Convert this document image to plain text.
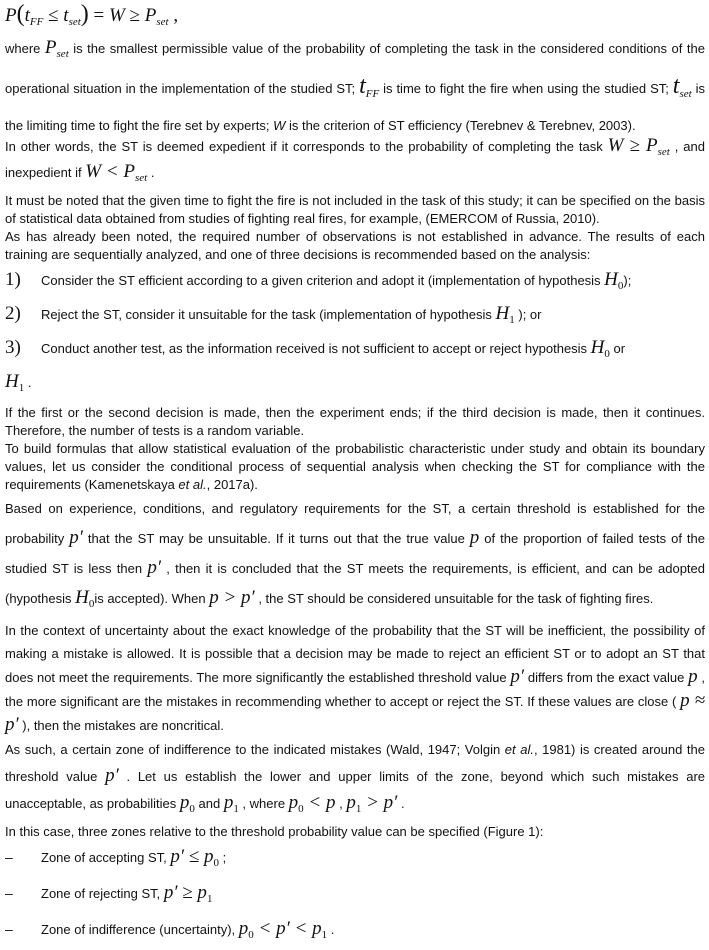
$P(t_{FF} \le t_{set}) = W \ge P_{set}$ ,

where $P_{set}$ is the smallest permissible value of the probability of completing the task in the considered conditions of the operational situation in the implementation of the studied ST; $t_{FF}$ is time to fight the fire when using the studied ST; $t_{set}$ is the limiting time to fight the fire set by experts; W is the criterion of ST efficiency (Terebnev & Terebnev, 2003).

In other words, the ST is deemed expedient if it corresponds to the probability of completing the task $W \ge P_{set}$ , and inexpedient if $W < P_{set}$ .

It must be noted that the given time to fight the fire is not included in the task of this study; it can be specified on the basis of statistical data obtained from studies of fighting real fires, for example, (EMERCOM of Russia, 2010).

As has already been noted, the required number of observations is not established in advance. The results of each training are sequentially analyzed, and one of three decisions is recommended based on the analysis:

1) Consider the ST efficient according to a given criterion and adopt it (implementation of hypothesis $H_0$);

2) Reject the ST, consider it unsuitable for the task (implementation of hypothesis $H_1$ ); or

3) Conduct another test, as the information received is not sufficient to accept or reject hypothesis $H_0$ or
$H_1$ .

If the first or the second decision is made, then the experiment ends; if the third decision is made, then it continues. Therefore, the number of tests is a random variable.

To build formulas that allow statistical evaluation of the probabilistic characteristic under study and obtain its boundary values, let us consider the conditional process of sequential analysis when checking the ST for compliance with the requirements (Kamenetskaya et al., 2017a).

Based on experience, conditions, and regulatory requirements for the ST, a certain threshold is established for the probability p′ that the ST may be unsuitable. If it turns out that the true value p of the proportion of failed tests of the studied ST is less then p′ , then it is concluded that the ST meets the requirements, is efficient, and can be adopted (hypothesis $H_0is$ accepted). When p > p′ , the ST should be considered unsuitable for the task of fighting fires.

In the context of uncertainty about the exact knowledge of the probability that the ST will be inefficient, the possibility of making a mistake is allowed. It is possible that a decision may be made to reject an efficient ST or to adopt an ST that does not meet the requirements. The more significantly the established threshold value p′ differs from the exact value p , the more significant are the mistakes in recommending whether to accept or reject the ST. If these values are close ( p ≈ p′ ), then the mistakes are noncritical.

As such, a certain zone of indifference to the indicated mistakes (Wald, 1947; Volgin et al., 1981) is created around the threshold value p′ . Let us establish the lower and upper limits of the zone, beyond which such mistakes are unacceptable, as probabilities $p_0$ and $p_1$ , where $p_0 < p$ , $p_1 > p'$ .

In this case, three zones relative to the threshold probability value can be specified (Figure 1):

– Zone of accepting ST, $p' \le p_0$ ;

– Zone of rejecting ST, $p' \ge p_1$

– Zone of indifference (uncertainty), $p_0 < p' < p_1$ .
